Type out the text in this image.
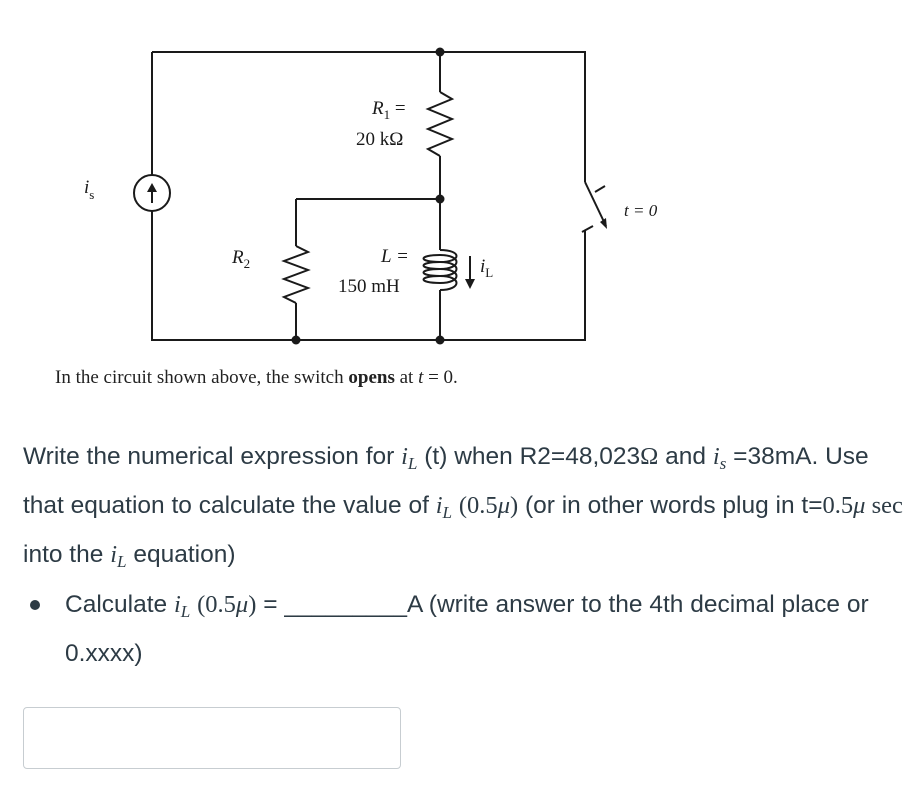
$i_s$
$R_1$ =
20 kΩ
$R_2$	L =
150 mH
$i_L$
t = 0
In the circuit shown above, the switch opens at t = 0.
Write the numerical expression for $i_L$ (t) when R2=48,023Ω and $i_s =38mA$. Use that equation to calculate the value of $i_L$ (0.5μ) (or in other words plug in t=0.5μ sec into the $i_L$ equation)
Calculate $i_L$ (0.5μ) = _________A (write answer to the 4th decimal place or 0.xxxx)
